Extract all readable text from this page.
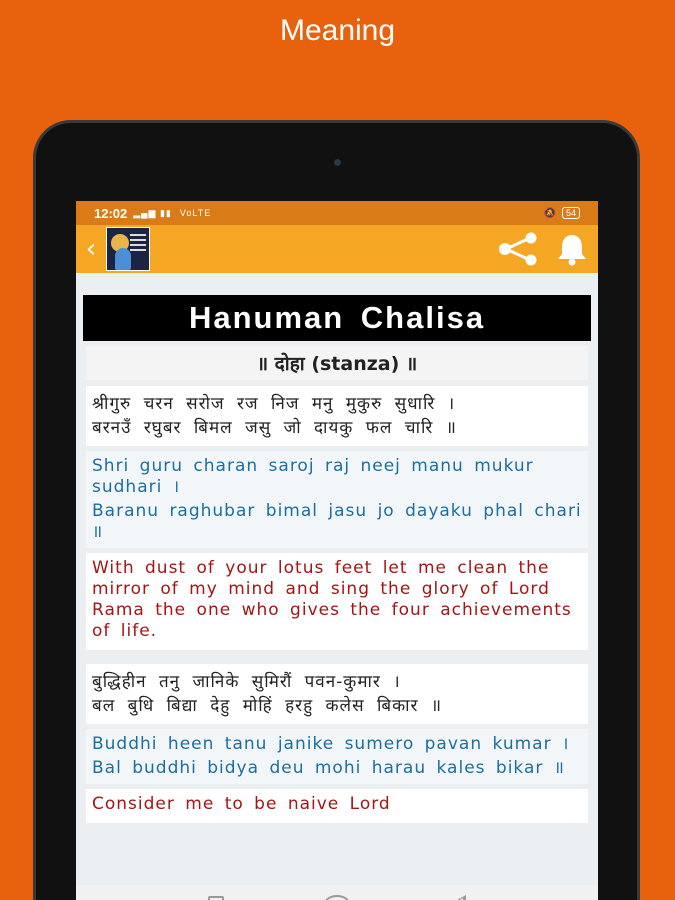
Meaning
12:02 ▂▄▆ ▮▮ VoLTE	🔕	54
‹
Hanuman Chalisa
॥ दोहा (stanza) ॥
श्रीगुरु चरन सरोज रज निज मनु मुकुरु सुधारि ।
बरनउँ रघुबर बिमल जसु जो दायकु फल चारि ॥
Shri guru charan saroj raj neej manu mukur sudhari ।
Baranu raghubar bimal jasu jo dayaku phal chari ॥
With dust of your lotus feet let me clean the mirror of my mind and sing the glory of Lord Rama the one who gives the four achievements of life.
बुद्धिहीन तनु जानिके सुमिरौं पवन-कुमार ।
बल बुधि बिद्या देहु मोहिं हरहु कलेस बिकार ॥
Buddhi heen tanu janike sumero pavan kumar ।
Bal buddhi bidya deu mohi harau kales bikar ॥
Consider me to be naive Lord
